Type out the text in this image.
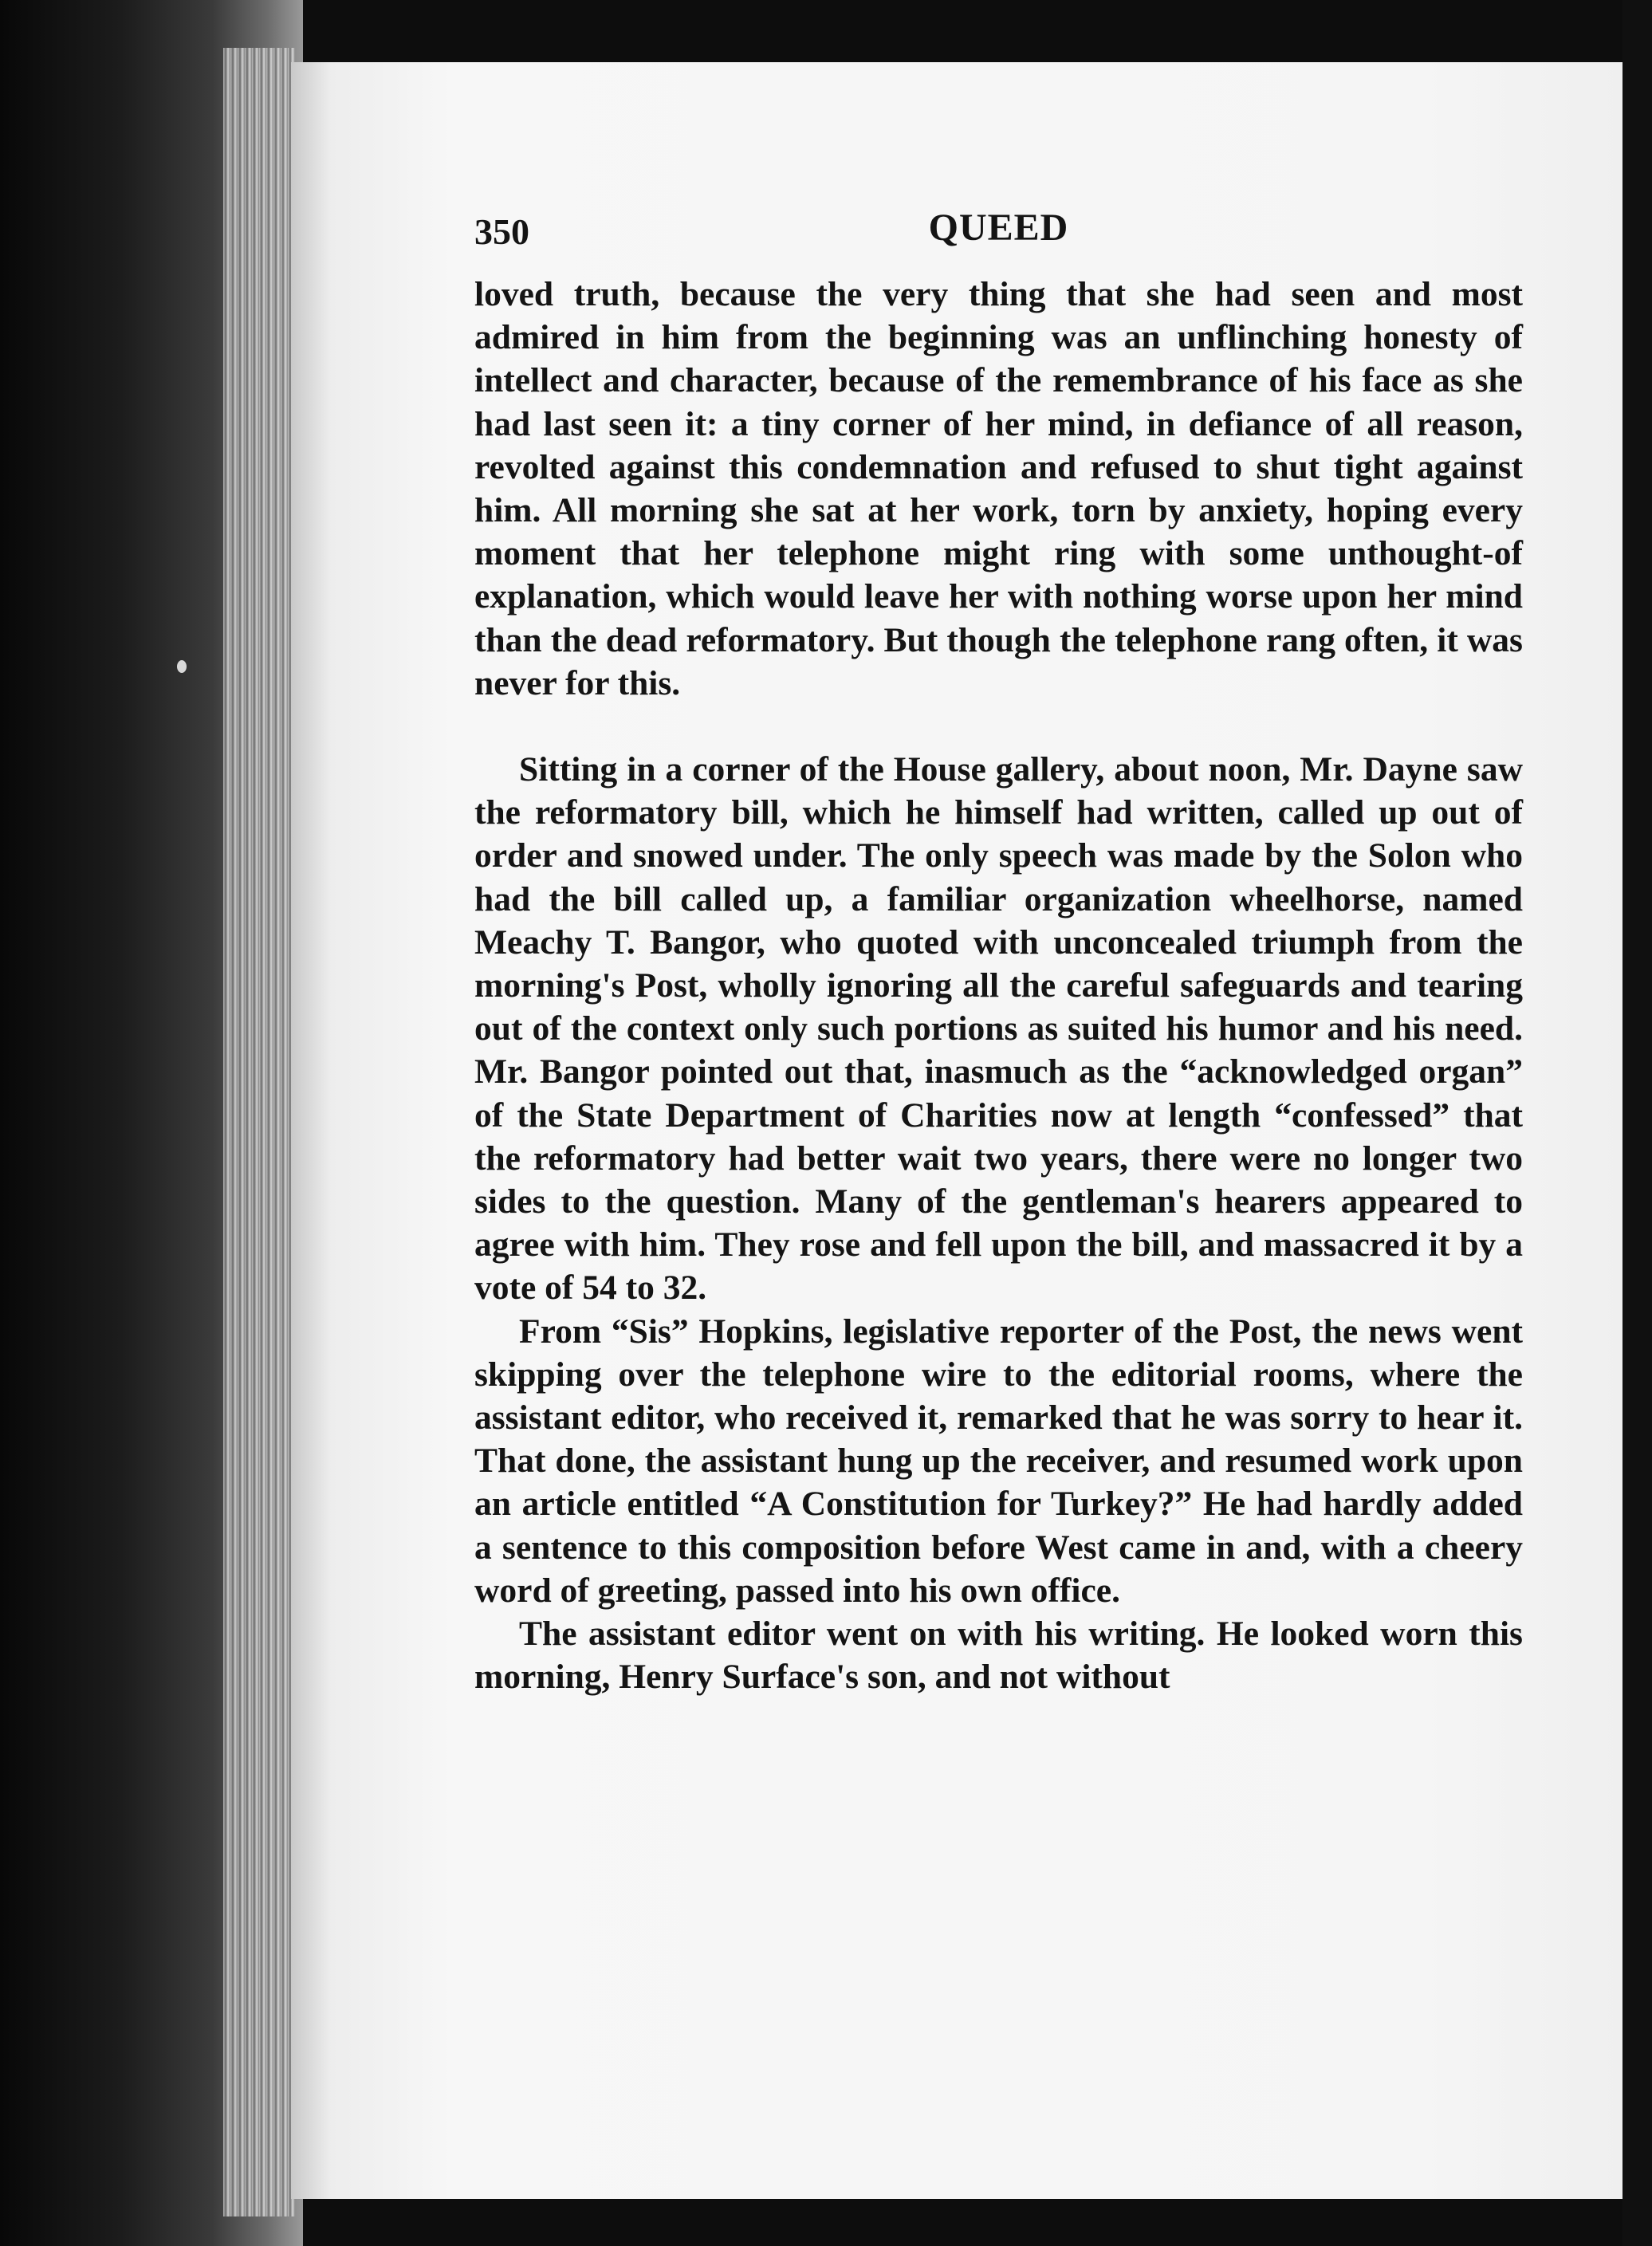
QUEED
350

loved truth, because the very thing that she had seen and most admired in him from the beginning was an unflinching honesty of intellect and character, because of the remembrance of his face as she had last seen it: a tiny corner of her mind, in defiance of all reason, revolted against this condemnation and refused to shut tight against him. All morning she sat at her work, torn by anxiety, hoping every moment that her telephone might ring with some unthought-of explanation, which would leave her with nothing worse upon her mind than the dead reformatory. But though the telephone rang often, it was never for this.

Sitting in a corner of the House gallery, about noon, Mr. Dayne saw the reformatory bill, which he himself had written, called up out of order and snowed under. The only speech was made by the Solon who had the bill called up, a familiar organization wheelhorse, named Meachy T. Bangor, who quoted with unconcealed triumph from the morning's Post, wholly ignoring all the careful safeguards and tearing out of the context only such portions as suited his humor and his need. Mr. Bangor pointed out that, inasmuch as the “acknowledged organ” of the State Department of Charities now at length “confessed” that the reformatory had better wait two years, there were no longer two sides to the question. Many of the gentleman's hearers appeared to agree with him. They rose and fell upon the bill, and massacred it by a vote of 54 to 32.

From “Sis” Hopkins, legislative reporter of the Post, the news went skipping over the telephone wire to the editorial rooms, where the assistant editor, who received it, remarked that he was sorry to hear it. That done, the assistant hung up the receiver, and resumed work upon an article entitled “A Constitution for Turkey?” He had hardly added a sentence to this composition before West came in and, with a cheery word of greeting, passed into his own office.

The assistant editor went on with his writing. He looked worn this morning, Henry Surface's son, and not without
